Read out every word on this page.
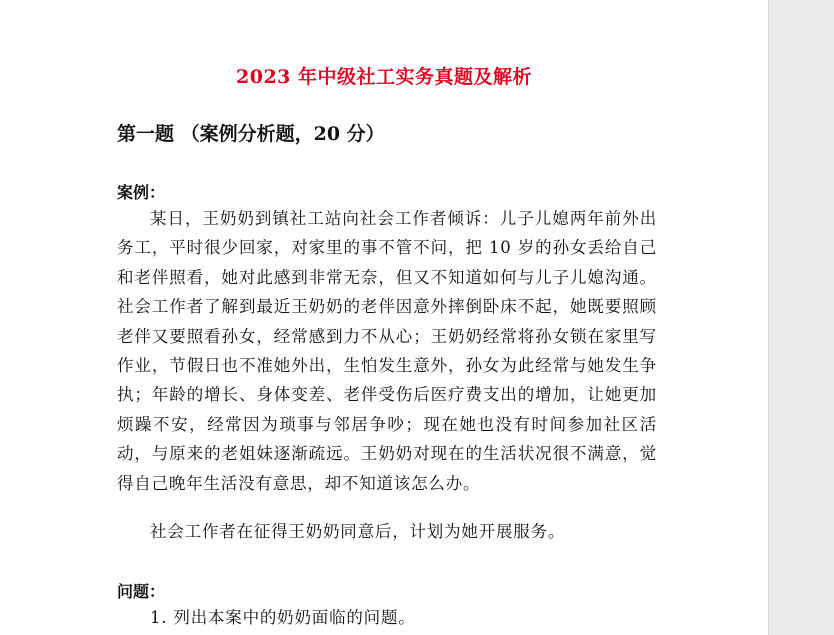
2023 年中级社工实务真题及解析
第一题 （案例分析题，20 分）
案例：
某日，王奶奶到镇社工站向社会工作者倾诉：儿子儿媳两年前外出务工，平时很少回家，对家里的事不管不问，把 10 岁的孙女丢给自己和老伴照看，她对此感到非常无奈，但又不知道如何与儿子儿媳沟通。社会工作者了解到最近王奶奶的老伴因意外摔倒卧床不起，她既要照顾老伴又要照看孙女，经常感到力不从心；王奶奶经常将孙女锁在家里写作业，节假日也不准她外出，生怕发生意外，孙女为此经常与她发生争执；年龄的增长、身体变差、老伴受伤后医疗费支出的增加，让她更加烦躁不安，经常因为琐事与邻居争吵；现在她也没有时间参加社区活动，与原来的老姐妹逐渐疏远。王奶奶对现在的生活状况很不满意，觉得自己晚年生活没有意思，却不知道该怎么办。
社会工作者在征得王奶奶同意后，计划为她开展服务。
问题：
1. 列出本案中的奶奶面临的问题。
